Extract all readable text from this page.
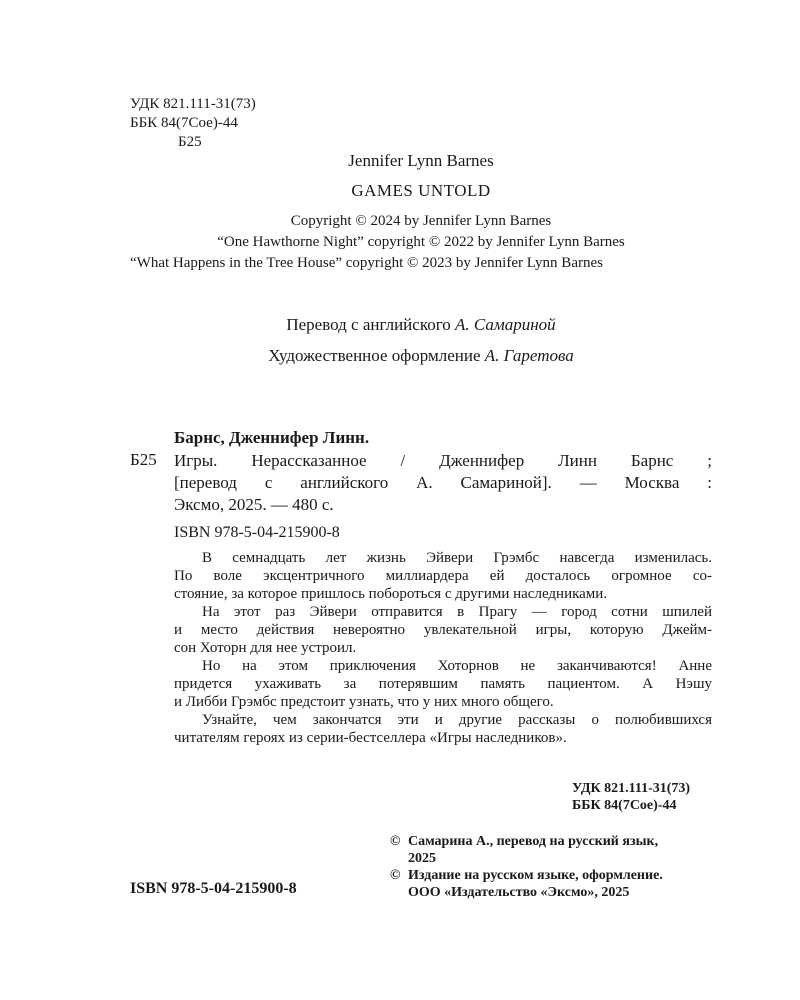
УДК 821.111-31(73)
ББК 84(7Сое)-44
Б25
Jennifer Lynn Barnes
GAMES UNTOLD
Copyright © 2024 by Jennifer Lynn Barnes
“One Hawthorne Night” copyright © 2022 by Jennifer Lynn Barnes
“What Happens in the Tree House” copyright © 2023 by Jennifer Lynn Barnes
Перевод с английского А. Самариной
Художественное оформление А. Гаретова
Барнс, Дженнифер Линн.
Б25 Игры. Нерассказанное / Дженнифер Линн Барнс ;
[перевод с английского А. Самариной]. — Москва :
Эксмо, 2025. — 480 с.
ISBN 978-5-04-215900-8

В семнадцать лет жизнь Эйвери Грэмбс навсегда изменилась.
По воле эксцентричного миллиардера ей досталось огромное со-
стояние, за которое пришлось побороться с другими наследниками.

На этот раз Эйвери отправится в Прагу — город сотни шпилей
и место действия невероятно увлекательной игры, которую Джейм-
сон Хоторн для нее устроил.

Но на этом приключения Хоторнов не заканчиваются! Анне
придется ухаживать за потерявшим память пациентом. А Нэшу
и Либби Грэмбс предстоит узнать, что у них много общего.

Узнайте, чем закончатся эти и другие рассказы о полюбившихся
читателям героях из серии-бестселлера «Игры наследников».

УДК 821.111-31(73)
ББК 84(7Сое)-44
© Самарина А., перевод на русский язык,
2025
© Издание на русском языке, оформление.
ООО «Издательство «Эксмо», 2025
ISBN 978-5-04-215900-8
